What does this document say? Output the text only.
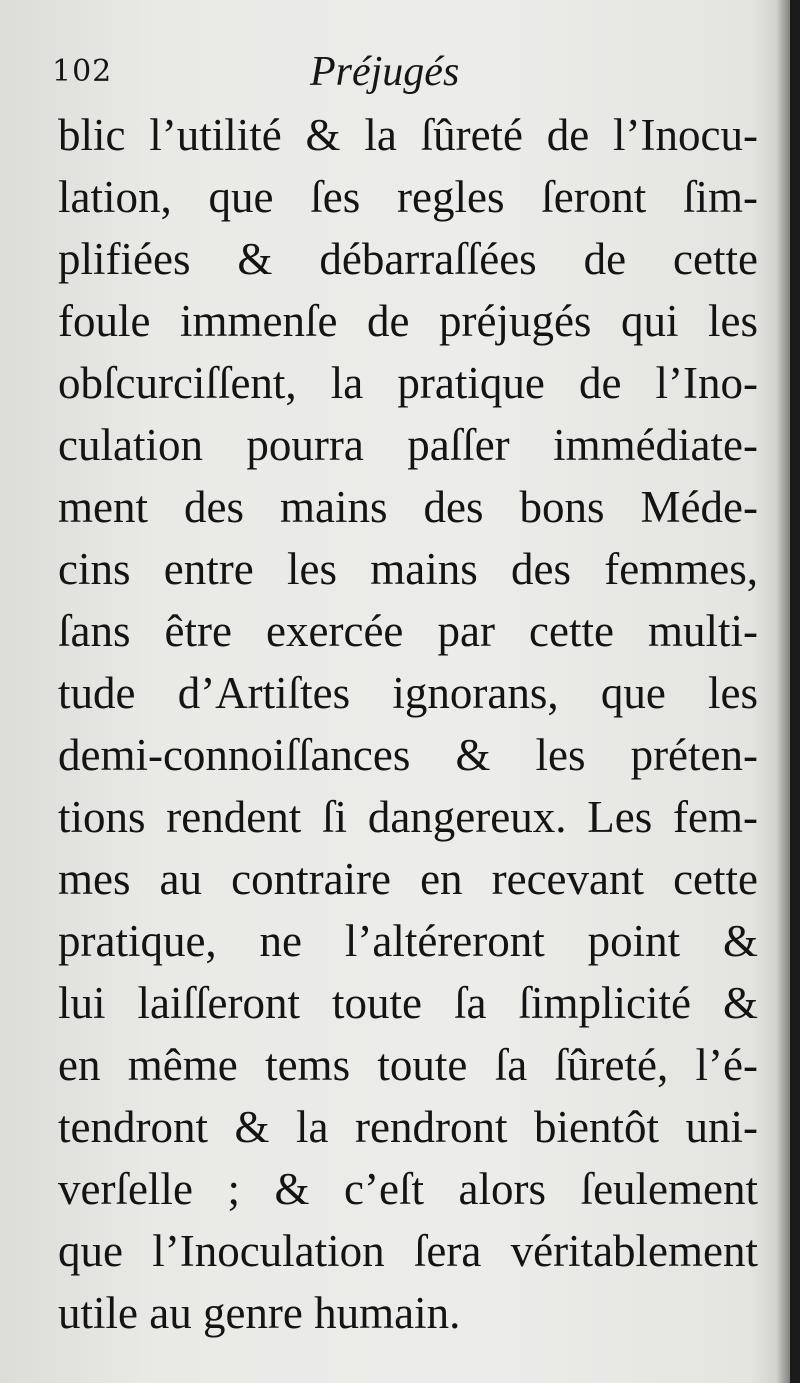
102	Préjugés
blic l’utilité & la ſûreté de l’Inocu-
lation, que ſes regles ſeront ſim-
plifiées & débarraſſées de cette
foule immenſe de préjugés qui les
obſcurciſſent, la pratique de l’Ino-
culation pourra paſſer immédiate-
ment des mains des bons Méde-
cins entre les mains des femmes,
ſans être exercée par cette multi-
tude d’Artiſtes ignorans, que les
demi-connoiſſances & les préten-
tions rendent ſi dangereux. Les fem-
mes au contraire en recevant cette
pratique, ne l’altéreront point &
lui laiſſeront toute ſa ſimplicité &
en même tems toute ſa ſûreté, l’é-
tendront & la rendront bientôt uni-
verſelle ; & c’eſt alors ſeulement
que l’Inoculation ſera véritablement
utile au genre humain.
